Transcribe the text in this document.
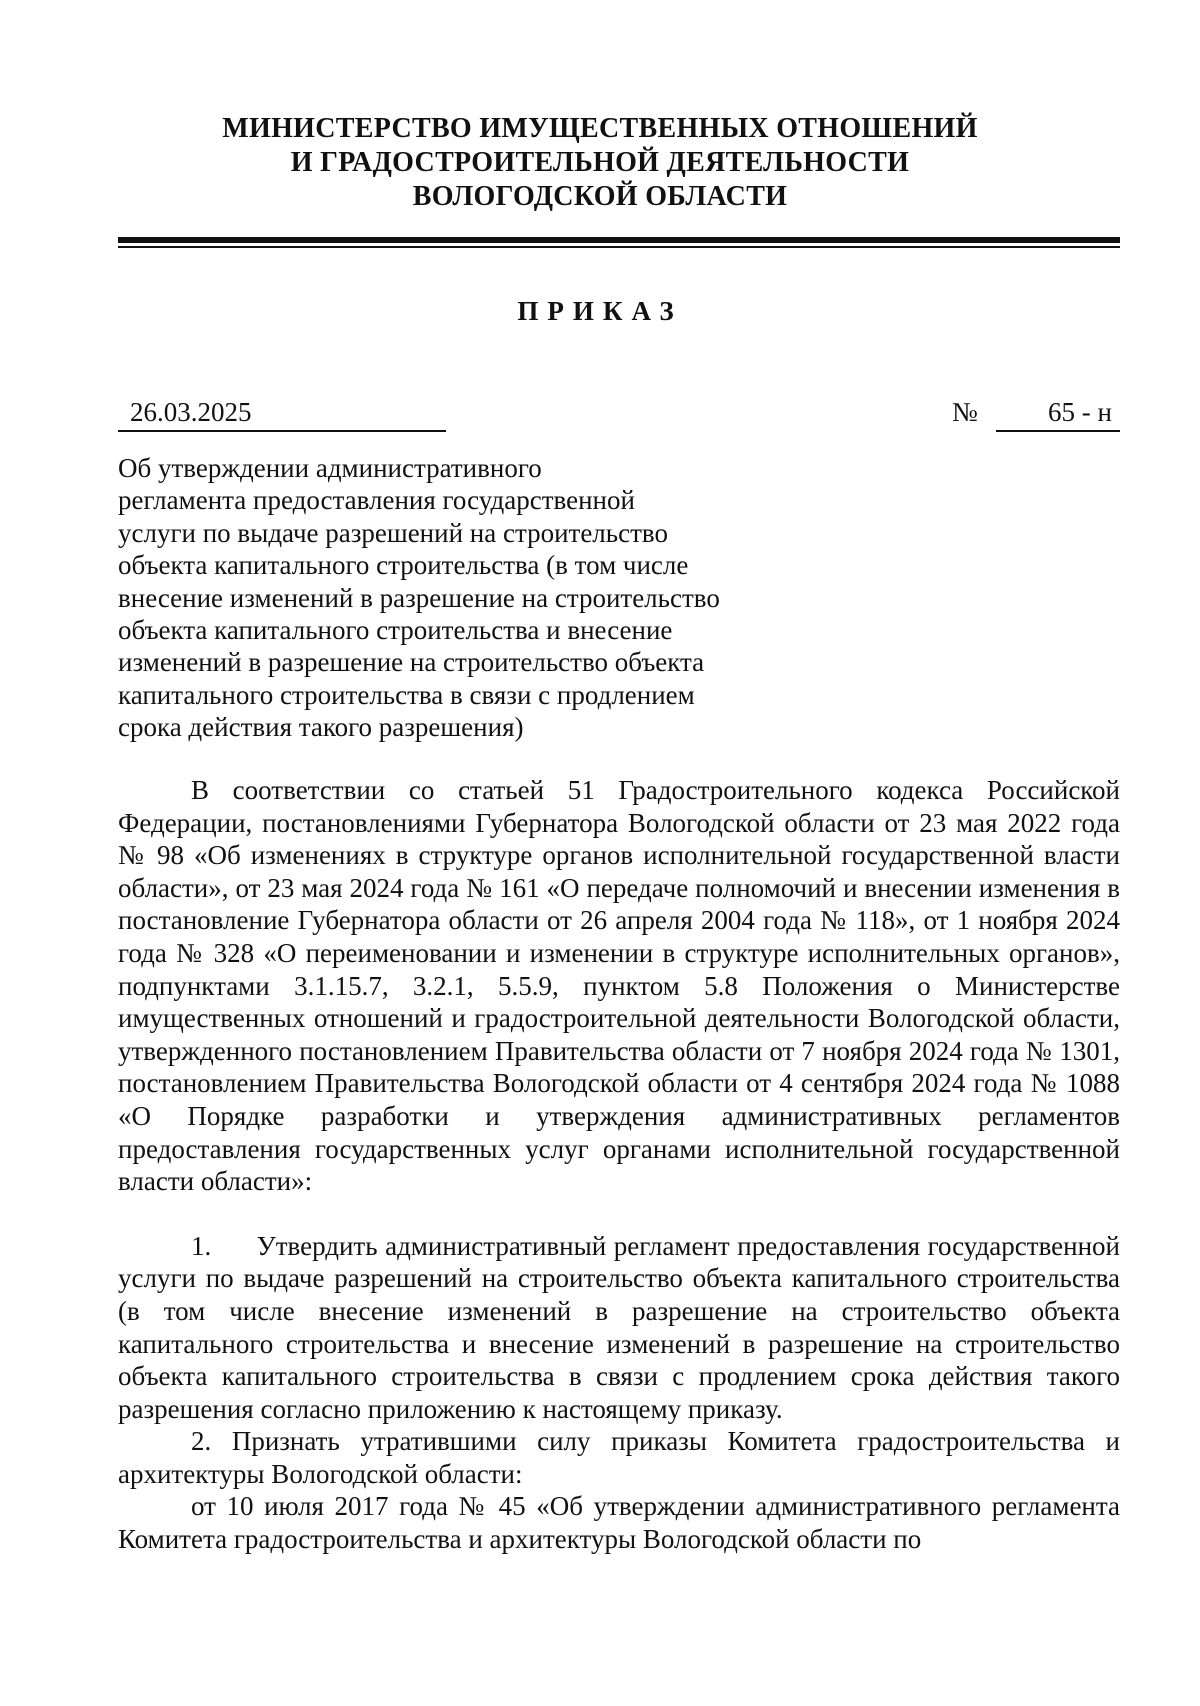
МИНИСТЕРСТВО ИМУЩЕСТВЕННЫХ ОТНОШЕНИЙ
И ГРАДОСТРОИТЕЛЬНОЙ ДЕЯТЕЛЬНОСТИ
ВОЛОГОДСКОЙ ОБЛАСТИ
ПРИКАЗ
26.03.2025	№	65 - н
Об утверждении административного
регламента предоставления государственной
услуги по выдаче разрешений на строительство
объекта капитального строительства (в том числе
внесение изменений в разрешение на строительство
объекта капитального строительства и внесение
изменений в разрешение на строительство объекта
капитального строительства в связи с продлением
срока действия такого разрешения)
В соответствии со статьей 51 Градостроительного кодекса Российской Федерации, постановлениями Губернатора Вологодской области от 23 мая 2022 года № 98 «Об изменениях в структуре органов исполнительной государственной власти области», от 23 мая 2024 года № 161 «О передаче полномочий и внесении изменения в постановление Губернатора области от 26 апреля 2004 года № 118», от 1 ноября 2024 года № 328 «О переименовании и изменении в структуре исполнительных органов», подпунктами 3.1.15.7, 3.2.1, 5.5.9, пунктом 5.8 Положения о Министерстве имущественных отношений и градостроительной деятельности Вологодской области, утвержденного постановлением Правительства области от 7 ноября 2024 года № 1301, постановлением Правительства Вологодской области от 4 сентября 2024 года № 1088 «О Порядке разработки и утверждения административных регламентов предоставления государственных услуг органами исполнительной государственной власти области»:
1.      Утвердить административный регламент предоставления государственной услуги по выдаче разрешений на строительство объекта капитального строительства (в том числе внесение изменений в разрешение на строительство объекта капитального строительства и внесение изменений в разрешение на строительство объекта капитального строительства в связи с продлением срока действия такого разрешения согласно приложению к настоящему приказу.
2. Признать утратившими силу приказы Комитета градостроительства и архитектуры Вологодской области:
от 10 июля 2017 года № 45 «Об утверждении административного регламента Комитета градостроительства и архитектуры Вологодской области по
